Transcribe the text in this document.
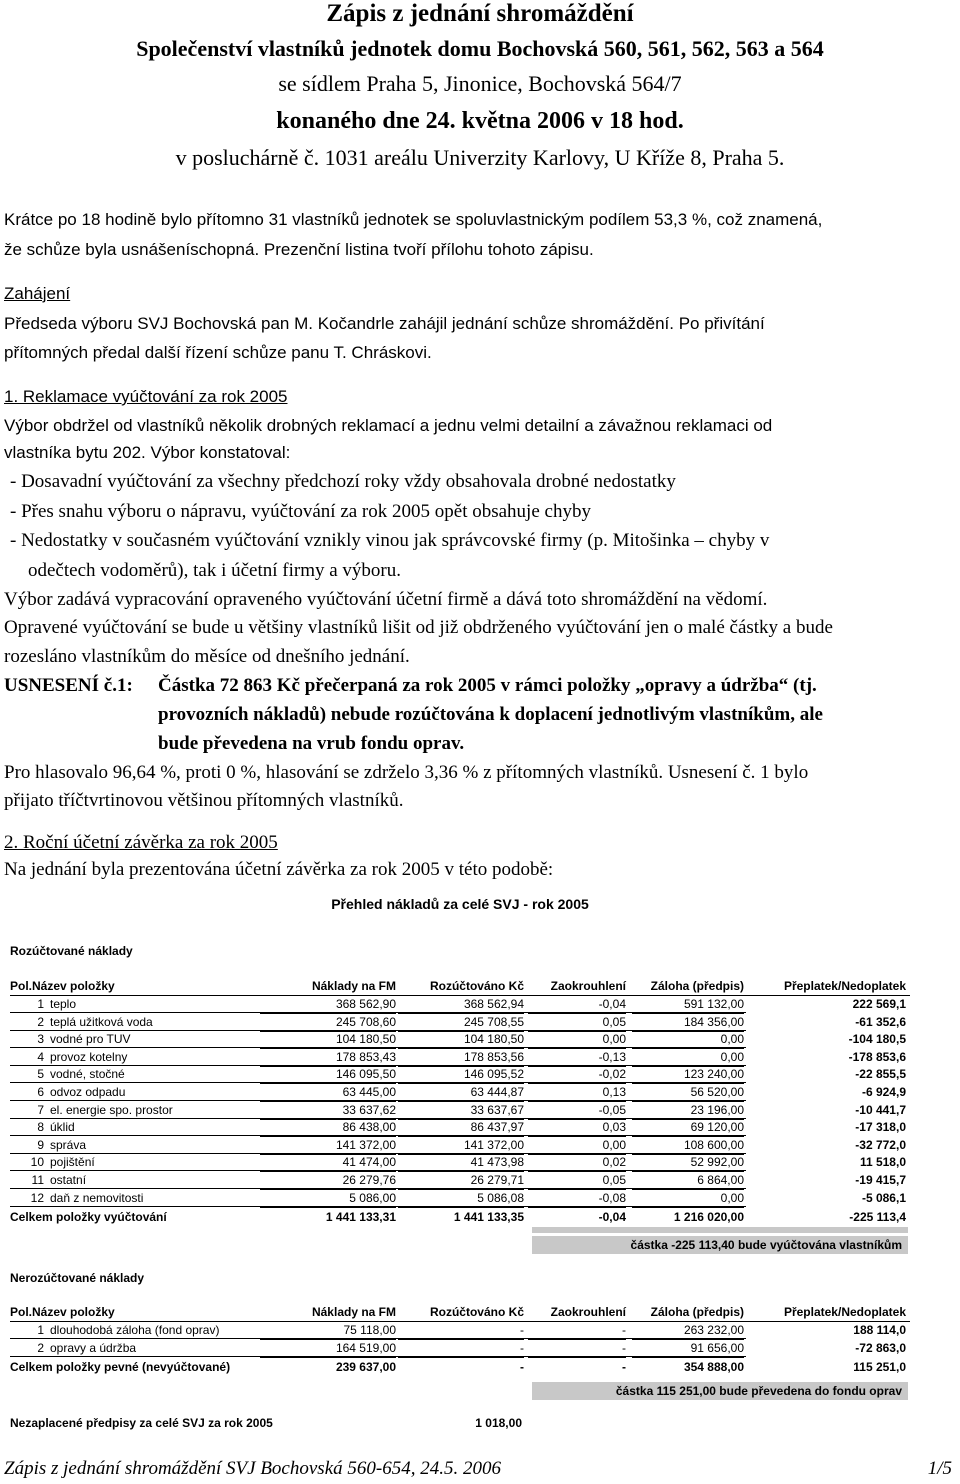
Zápis z jednání shromáždění
Společenství vlastníků jednotek domu Bochovská 560, 561, 562, 563 a 564
se sídlem Praha 5, Jinonice, Bochovská 564/7
konaného dne 24. května 2006 v 18 hod.
v posluchárně č. 1031 areálu Univerzity Karlovy, U Kříže 8, Praha 5.
Krátce po 18 hodině bylo přítomno 31 vlastníků jednotek se spoluvlastnickým podílem 53,3 %, což znamená,
že schůze byla usnášeníschopná. Prezenční listina tvoří přílohu tohoto zápisu.
Zahájení
Předseda výboru SVJ Bochovská pan M. Kočandrle zahájil jednání schůze shromáždění. Po přivítání
přítomných předal další řízení schůze panu T. Chráskovi.
1. Reklamace vyúčtování za rok 2005
Výbor obdržel od vlastníků několik drobných reklamací a jednu velmi detailní a závažnou reklamaci od
vlastníka bytu 202. Výbor konstatoval:
- Dosavadní vyúčtování za všechny předchozí roky vždy obsahovala drobné nedostatky
- Přes snahu výboru o nápravu, vyúčtování za rok 2005 opět obsahuje chyby
- Nedostatky v současném vyúčtování vznikly vinou jak správcovské firmy (p. Mitošinka – chyby v
odečtech vodoměrů), tak i účetní firmy a výboru.
Výbor zadává vypracování opraveného vyúčtování účetní firmě a dává toto shromáždění na vědomí.
Opravené vyúčtování se bude u většiny vlastníků lišit od již obdrženého vyúčtování jen o malé částky a bude
rozesláno vlastníkům do měsíce od dnešního jednání.
USNESENÍ č.1: Částka 72 863 Kč přečerpaná za rok 2005 v rámci položky „opravy a údržba“ (tj.
provozních nákladů) nebude rozúčtována k doplacení jednotlivým vlastníkům, ale
bude převedena na vrub fondu oprav.
Pro hlasovalo 96,64 %, proti 0 %, hlasování se zdrželo 3,36 % z přítomných vlastníků. Usnesení č. 1 bylo
přijato tříčtvrtinovou většinou přítomných vlastníků.
2. Roční účetní závěrka za rok 2005
Na jednání byla prezentována účetní závěrka za rok 2005 v této podobě:
Přehled nákladů za celé SVJ - rok 2005
Rozúčtované náklady
Pol. Název položky	Náklady na FM	Rozúčtováno Kč	Zaokrouhlení	Záloha (předpis)	Přeplatek/Nedoplatek
1 teplo	368 562,90	368 562,94	-0,04	591 132,00	222 569,1
2 teplá užitková voda	245 708,60	245 708,55	0,05	184 356,00	-61 352,6
3 vodné pro TUV	104 180,50	104 180,50	0,00	0,00	-104 180,5
4 provoz kotelny	178 853,43	178 853,56	-0,13	0,00	-178 853,6
5 vodné, stočné	146 095,50	146 095,52	-0,02	123 240,00	-22 855,5
6 odvoz odpadu	63 445,00	63 444,87	0,13	56 520,00	-6 924,9
7 el. energie spo. prostor	33 637,62	33 637,67	-0,05	23 196,00	-10 441,7
8 úklid	86 438,00	86 437,97	0,03	69 120,00	-17 318,0
9 správa	141 372,00	141 372,00	0,00	108 600,00	-32 772,0
10 pojištění	41 474,00	41 473,98	0,02	52 992,00	11 518,0
11 ostatní	26 279,76	26 279,71	0,05	6 864,00	-19 415,7
12 daň z nemovitosti	5 086,00	5 086,08	-0,08	0,00	-5 086,1
Celkem položky vyúčtování	1 441 133,31	1 441 133,35	-0,04	1 216 020,00	-225 113,4
částka -225 113,40 bude vyúčtována vlastníkům
Nerozúčtované náklady
Pol. Název položky	Náklady na FM	Rozúčtováno Kč	Zaokrouhlení	Záloha (předpis)	Přeplatek/Nedoplatek
1 dlouhodobá záloha (fond oprav)	75 118,00	-	-	263 232,00	188 114,0
2 opravy a údržba	164 519,00	-	-	91 656,00	-72 863,0
Celkem položky pevné (nevyúčtované)	239 637,00	-	-	354 888,00	115 251,0
částka 115 251,00 bude převedena do fondu oprav
Nezaplacené předpisy za celé SVJ za rok 2005	1 018,00
Zápis z jednání shromáždění SVJ Bochovská 560-654, 24.5. 2006	1/5
